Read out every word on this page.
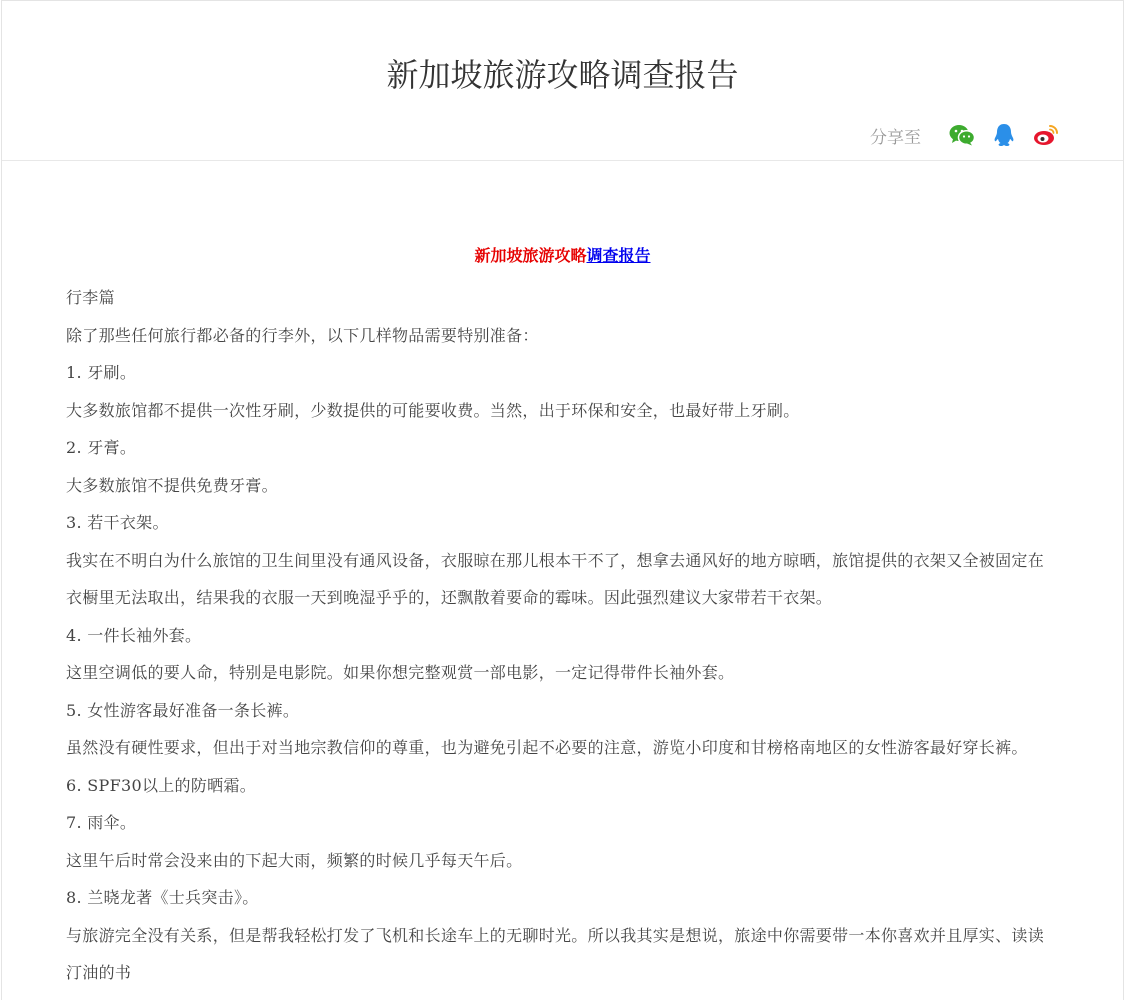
新加坡旅游攻略调查报告
分享至

新加坡旅游攻略调查报告

行李篇

除了那些任何旅行都必备的行李外，以下几样物品需要特别准备：

1. 牙刷。

大多数旅馆都不提供一次性牙刷，少数提供的可能要收费。当然，出于环保和安全，也最好带上牙刷。

2. 牙膏。

大多数旅馆不提供免费牙膏。

3. 若干衣架。

我实在不明白为什么旅馆的卫生间里没有通风设备，衣服晾在那儿根本干不了，想拿去通风好的地方晾晒，旅馆提供的衣架又全被固定在衣橱里无法取出，结果我的衣服一天到晚湿乎乎的，还飘散着要命的霉味。因此强烈建议大家带若干衣架。

4. 一件长袖外套。

这里空调低的要人命，特别是电影院。如果你想完整观赏一部电影，一定记得带件长袖外套。

5. 女性游客最好准备一条长裤。

虽然没有硬性要求，但出于对当地宗教信仰的尊重，也为避免引起不必要的注意，游览小印度和甘榜格南地区的女性游客最好穿长裤。

6. SPF30以上的防晒霜。

7. 雨伞。

这里午后时常会没来由的下起大雨，频繁的时候几乎每天午后。

8. 兰晓龙著《士兵突击》。

与旅游完全没有关系，但是帮我轻松打发了飞机和长途车上的无聊时光。所以我其实是想说，旅途中你需要带一本你喜欢并且厚实、读读汀油的书
